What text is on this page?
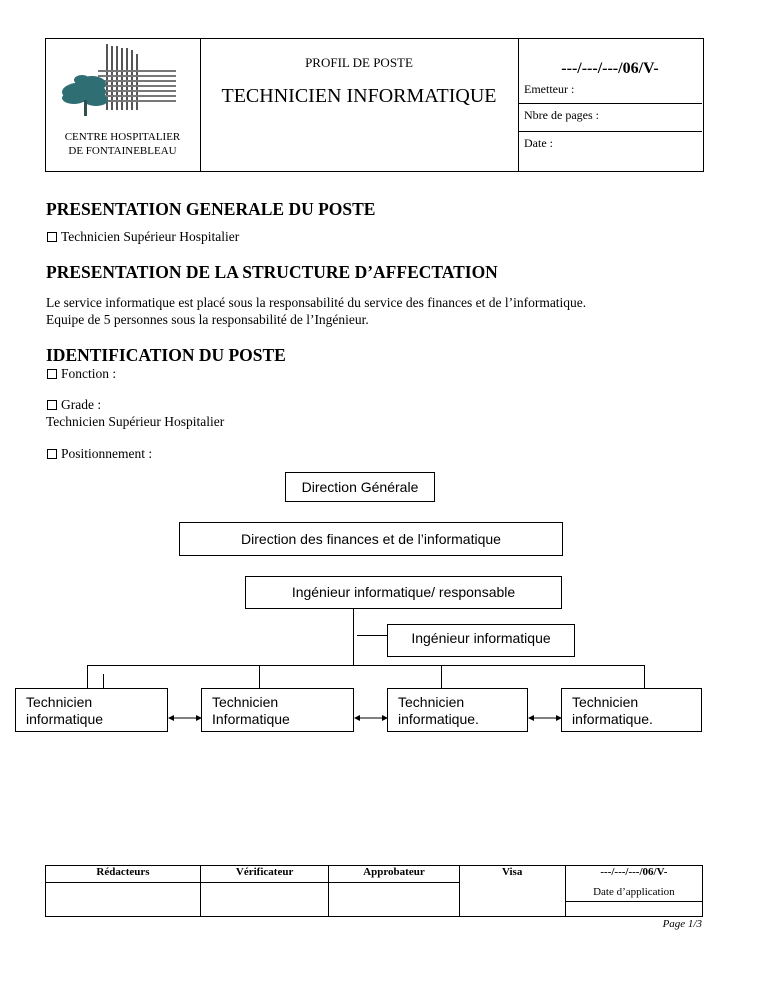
CENTRE HOSPITALIER
DE FONTAINEBLEAU
PROFIL DE POSTE
TECHNICIEN INFORMATIQUE
---/---/---/06/V-
Emetteur :
Nbre de pages :
Date :
PRESENTATION GENERALE DU POSTE
Technicien Supérieur Hospitalier
PRESENTATION DE LA STRUCTURE D’AFFECTATION
Le service informatique est placé sous la responsabilité du service des finances et de l’informatique.
Equipe de 5 personnes sous la responsabilité de l’Ingénieur.
IDENTIFICATION DU POSTE
Fonction :
Grade :
Technicien Supérieur Hospitalier
Positionnement :
Direction Générale
Direction des finances et de l’informatique
Ingénieur informatique/ responsable
Ingénieur informatique
Technicien
informatique
Technicien
Informatique
Technicien
informatique.
Technicien
informatique.
Rédacteurs	Vérificateur	Approbateur	Visa	---/---/---/06/V-

				Date d’application
Page 1/3
